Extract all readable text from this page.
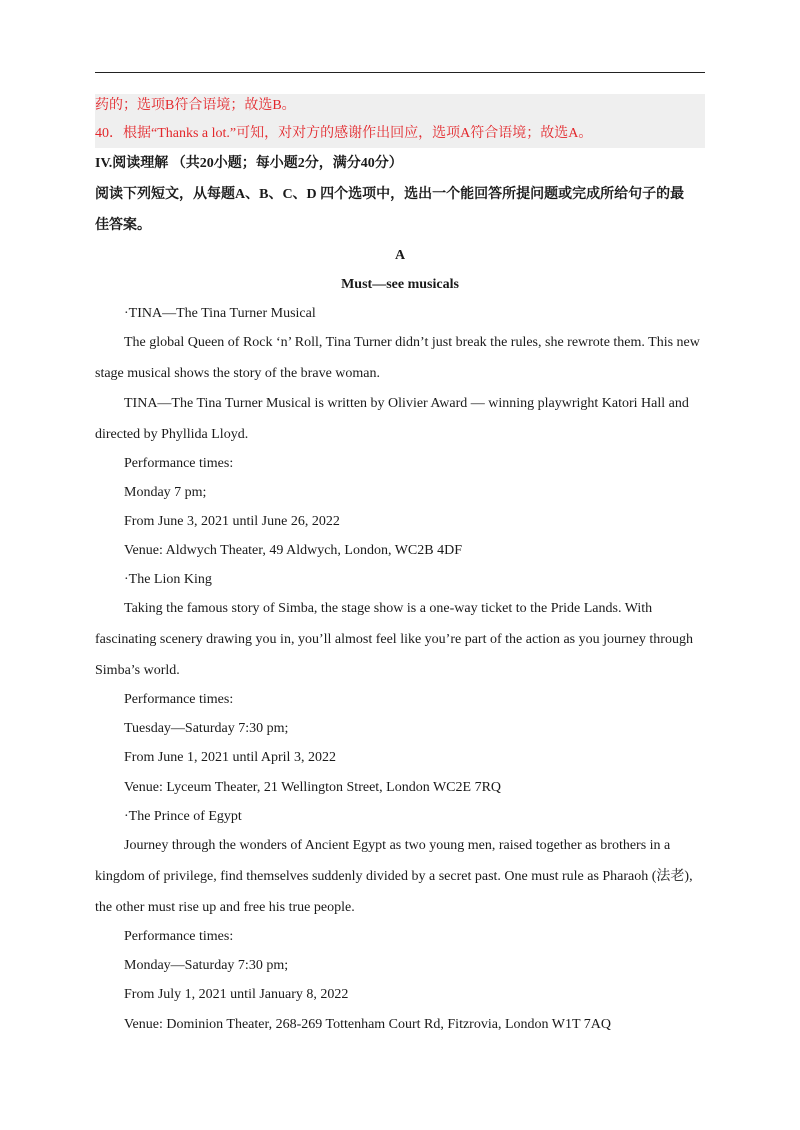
药的；选项B符合语境；故选B。
40．根据“Thanks a lot.”可知，对对方的感谢作出回应，选项A符合语境；故选A。
IV.阅读理解 （共20小题；每小题2分，满分40分）
阅读下列短文，从每题A、B、C、D 四个选项中，选出一个能回答所提问题或完成所给句子的最
佳答案。
A
Must—see musicals
·TINA—The Tina Turner Musical
The global Queen of Rock ‘n’ Roll, Tina Turner didn’t just break the rules, she rewrote them. This new
stage musical shows the story of the brave woman.
TINA—The Tina Turner Musical is written by Olivier Award — winning playwright Katori Hall and
directed by Phyllida Lloyd.
Performance times:
Monday 7 pm;
From June 3, 2021 until June 26, 2022
Venue: Aldwych Theater, 49 Aldwych, London, WC2B 4DF
·The Lion King
Taking the famous story of Simba, the stage show is a one-way ticket to the Pride Lands. With
fascinating scenery drawing you in, you’ll almost feel like you’re part of the action as you journey through
Simba’s world.
Performance times:
Tuesday—Saturday 7:30 pm;
From June 1, 2021 until April 3, 2022
Venue: Lyceum Theater, 21 Wellington Street, London WC2E 7RQ
·The Prince of Egypt
Journey through the wonders of Ancient Egypt as two young men, raised together as brothers in a
kingdom of privilege, find themselves suddenly divided by a secret past. One must rule as Pharaoh (法老),
the other must rise up and free his true people.
Performance times:
Monday—Saturday 7:30 pm;
From July 1, 2021 until January 8, 2022
Venue: Dominion Theater, 268-269 Tottenham Court Rd, Fitzrovia, London W1T 7AQ
